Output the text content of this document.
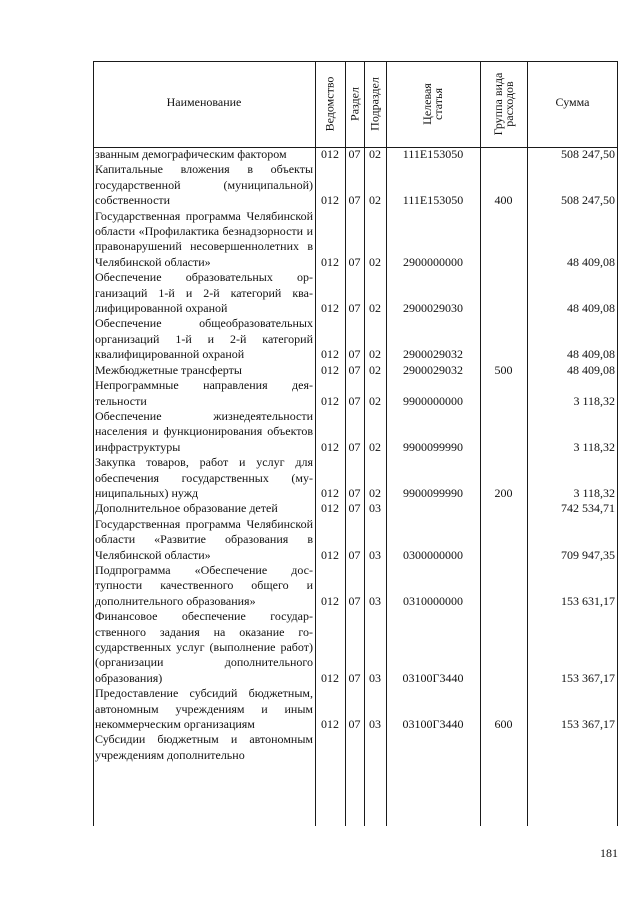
Наименование	Ведомство Раздел Подраздел	Целевая статья	Группа вида расходов	Сумма
званным демографическим фактором	012 07 02	111Е153050	508 247,50
Капитальные вложения в объекты государственной (муниципальной) собственности	012 07 02	111Е153050	400	508 247,50
Государственная программа Челябинской области «Профилактика безнадзорности и правонарушений несовершеннолетних в Челябинской области»	012 07 02	2900000000	48 409,08
Обеспечение образовательных организаций 1-й и 2-й категорий квалифицированной охраной	012 07 02	2900029030	48 409,08
Обеспечение общеобразовательных организаций 1-й и 2-й категорий квалифицированной охраной	012 07 02	2900029032	48 409,08
Межбюджетные трансферты	012 07 02	2900029032	500	48 409,08
Непрограммные направления деятельности	012 07 02	9900000000	3 118,32
Обеспечение жизнедеятельности населения и функционирования объектов инфраструктуры	012 07 02	9900099990	3 118,32
Закупка товаров, работ и услуг для обеспечения государственных (муниципальных) нужд	012 07 02	9900099990	200	3 118,32
Дополнительное образование детей	012 07 03	742 534,71
Государственная программа Челябинской области «Развитие образования в Челябинской области»	012 07 03	0300000000	709 947,35
Подпрограмма «Обеспечение доступности качественного общего и дополнительного образования»	012 07 03	0310000000	153 631,17
Финансовое обеспечение государственного задания на оказание государственных услуг (выполнение работ) (организации дополнительного образования)	012 07 03	03100Г3440	153 367,17
Предоставление субсидий бюджетным, автономным учреждениям и иным некоммерческим организациям	012 07 03	03100Г3440	600	153 367,17
Субсидии бюджетным и автономным учреждениям дополнительно
181
